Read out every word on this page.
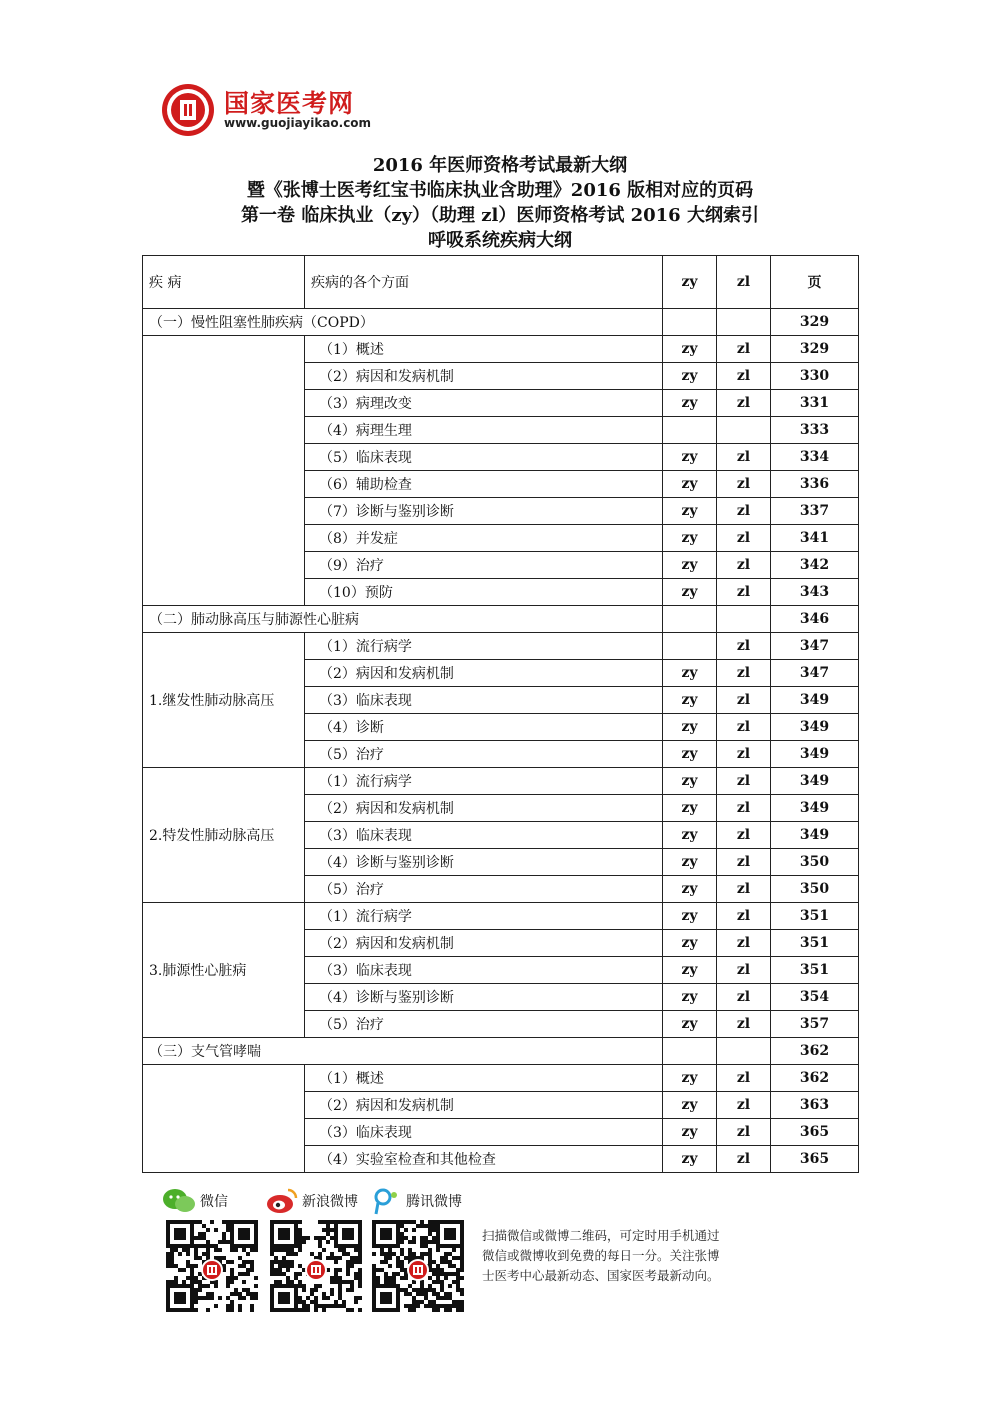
国家医考网
www.guojiayikao.com
2016 年医师资格考试最新大纲
暨《张博士医考红宝书临床执业含助理》2016 版相对应的页码
第一卷 临床执业（zy）（助理 zl）医师资格考试 2016 大纲索引
呼吸系统疾病大纲
疾 病	疾病的各个方面	zy	zl	页
（一）慢性阻塞性肺疾病（COPD）				329
	（1）概述	zy	zl	329
	（2）病因和发病机制	zy	zl	330
	（3）病理改变	zy	zl	331
	（4）病理生理			333
	（5）临床表现	zy	zl	334
	（6）辅助检查	zy	zl	336
	（7）诊断与鉴别诊断	zy	zl	337
	（8）并发症	zy	zl	341
	（9）治疗	zy	zl	342
	（10）预防	zy	zl	343
（二）肺动脉高压与肺源性心脏病				346
1.继发性肺动脉高压	（1）流行病学		zl	347
	（2）病因和发病机制	zy	zl	347
	（3）临床表现	zy	zl	349
	（4）诊断	zy	zl	349
	（5）治疗	zy	zl	349
2.特发性肺动脉高压	（1）流行病学	zy	zl	349
	（2）病因和发病机制	zy	zl	349
	（3）临床表现	zy	zl	349
	（4）诊断与鉴别诊断	zy	zl	350
	（5）治疗	zy	zl	350
3.肺源性心脏病	（1）流行病学	zy	zl	351
	（2）病因和发病机制	zy	zl	351
	（3）临床表现	zy	zl	351
	（4）诊断与鉴别诊断	zy	zl	354
	（5）治疗	zy	zl	357
（三）支气管哮喘				362
	（1）概述	zy	zl	362
	（2）病因和发病机制	zy	zl	363
	（3）临床表现	zy	zl	365
	（4）实验室检查和其他检查	zy	zl	365
微信	新浪微博	腾讯微博
扫描微信或微博二维码，可定时用手机通过微信或微博收到免费的每日一分。关注张博士医考中心最新动态、国家医考最新动向。
